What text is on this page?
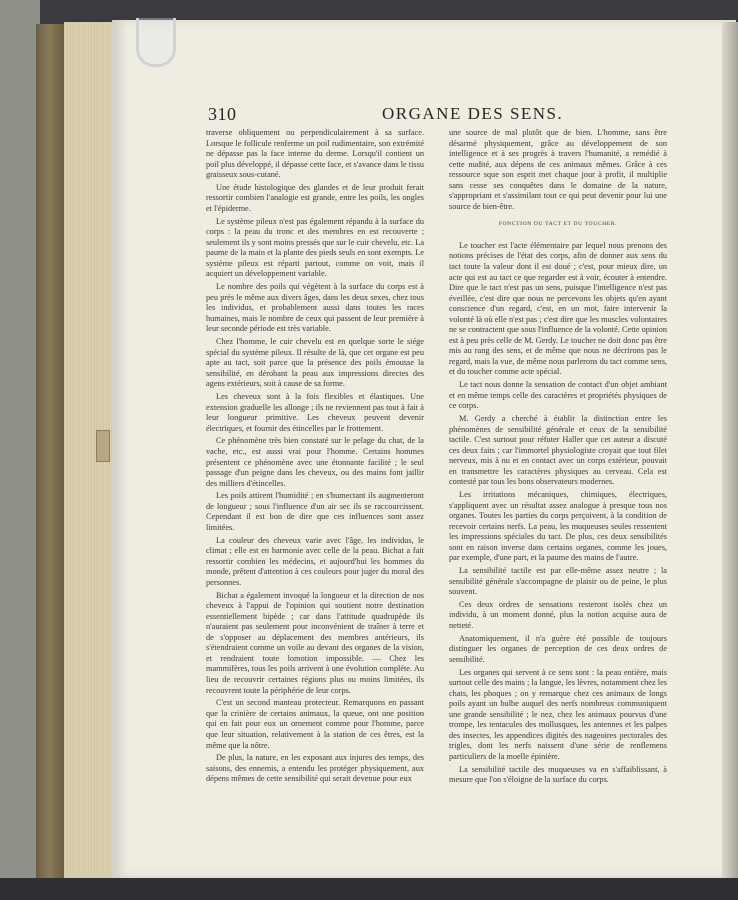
310	ORGANE DES SENS.

traverse obliquement ou perpendiculairement à sa surface. Lorsque le follicule renferme un poil rudimentaire, son extrémité ne dépasse pas la face interne du derme. Lorsqu'il contient un poil plus développé, il dépasse cette face, et s'avance dans le tissu graisseux sous-cutané.

Une étude histologique des glandes et de leur produit ferait ressortir combien l'analogie est grande, entre les poils, les ongles et l'épiderme.

Le système pileux n'est pas également répandu à la surface du corps : la peau du tronc et des membres en est recouverte ; seulement ils y sont moins pressés que sur le cuir chevelu, etc. La paume de la main et la plante des pieds seuls en sont exempts. Le système pileux est réparti partout, comme on voit, mais il acquiert un développement variable.

Le nombre des poils qui végètent à la surface du corps est à peu près le même aux divers âges, dans les deux sexes, chez tous les individus, et probablement aussi dans toutes les races humaines, mais le nombre de ceux qui passent de leur première à leur seconde période est très variable.

Chez l'homme, le cuir chevelu est en quelque sorte le siége spécial du système pileux. Il résulte de là, que cet organe est peu apte au tact, soit parce que la présence des poils émousse la sensibilité, en dérobant la peau aux impressions directes des agens extérieurs, soit à cause de sa forme.

Les cheveux sont à la fois flexibles et élastiques. Une extension graduelle les allonge ; ils ne reviennent pas tout à fait à leur longueur primitive. Les cheveux peuvent devenir électriques, et fournir des étincelles par le frottement.

Ce phénomène très bien constaté sur le pelage du chat, de la vache, etc., est aussi vrai pour l'homme. Certains hommes présentent ce phénomène avec une étonnante facilité ; le seul passage d'un peigne dans les cheveux, ou des mains font jaillir des milliers d'étincelles.

Les poils attirent l'humidité ; en s'humectant ils augmenteront de longueur ; sous l'influence d'un air sec ils se raccourcissent. Cependant il est bon de dire que ces influences sont assez limitées.

La couleur des cheveux varie avec l'âge, les individus, le climat ; elle est en harmonie avec celle de la peau. Bichat a fait ressortir combien les médecins, et aujourd'hui les hommes du monde, prêtent d'attention à ces couleurs pour juger du moral des personnes.

Bichat a également invoqué la longueur et la direction de nos cheveux à l'appui de l'opinion qui soutient notre destination essentiellement bipède ; car dans l'attitude quadrupède ils n'auraient pas seulement pour inconvénient de traîner à terre et de s'opposer au déplacement des membres antérieurs, ils s'étendraient comme un voile au devant des organes de la vision, et rendraient toute lomotion impossible. — Chez les mammifères, tous les poils arrivent à une évolution complète. Au lieu de recouvrir certaines régions plus ou moins limitées, ils recouvrent toute la périphérie de leur corps.

C'est un second manteau protecteur. Remarquons en passant que la crinière de certains animaux, la queue, ont une position qui en fait pour eux un ornement comme pour l'homme, parce que leur situation, relativement à la station de ces êtres, est la même que la nôtre.

De plus, la nature, en les exposant aux injures des temps, des saisons, des ennemis, a entendu les protéger physiquement, aux dépens mêmes de cette sensibilité qui serait devenue pour eux

une source de mal plutôt que de bien. L'homme, sans être désarmé physiquement, grâce au développement de son intelligence et à ses progrès à travers l'humanité, a remédié à cette nudité, aux dépens de ces animaux mêmes. Grâce à ces ressource sque son esprit met chaque jour à profit, il multiplie sans cesse ses conquêtes dans le domaine de la nature, s'appropriant et s'assimilant tout ce qui peut devenir pour lui une source de bien-être.

FONCTION DU TACT ET DU TOUCHER.

Le toucher est l'acte élémentaire par lequel nous prenons des notions précises de l'état des corps, afin de donner aux sens du tact toute la valeur dont il est doué ; c'est, pour mieux dire, un acte qui est au tact ce que regarder est à voir, écouter à entendre. Dire que le tact n'est pas un sens, puisque l'intelligence n'est pas éveillée, c'est dire que nous ne percevons les objets qu'en ayant conscience d'un regard, c'est, en un mot, faire intervenir la volonté là où elle n'est pas ; c'est dire que les muscles volontaires ne se contractent que sous l'influence de la volonté. Cette opinion est à peu près celle de M. Gerdy. Le toucher ne doit donc pas être mis au rang des sens, et de même que nous ne décrirons pas le regard, mais la vue, de même nous parlerons du tact comme sens, et du toucher comme acte spécial.

Le tact nous donne la sensation de contact d'un objet ambiant et en même temps celle des caractères et propriétés physiques de ce corps.

M. Gerdy a cherché à établir la distinction entre les phénomènes de sensibilité générale et ceux de la sensibilité tactile. C'est surtout pour réfuter Haller que cet auteur a discuté ces deux faits ; car l'immortel physiologiste croyait que tout filet nerveux, mis à nu et en contact avec un corps extérieur, pouvait en transmettre les caractères physiques au cerveau. Cela est contesté par tous les bons observateurs modernes.

Les irritations mécaniques, chimiques, électriques, s'appliquent avec un résultat assez analogue à presque tous nos organes. Toutes les parties du corps perçoivent, à la condition de recevoir certains nerfs. La peau, les muqueuses seules ressentent les impressions spéciales du tact. De plus, ces deux sensibilités sont en raison inverse dans certains organes, comme les joues, par exemple, d'une part, et la paume des mains de l'autre.

La sensibilité tactile est par elle-même assez neutre ; la sensibilité générale s'accompagne de plaisir ou de peine, le plus souvent.

Ces deux ordres de sensations resteront isolés chez un individu, à un moment donné, plus la notion acquise aura de netteté.

Anatomiquement, il n'a guère été possible de toujours distinguer les organes de perception de ces deux ordres de sensibilité.

Les organes qui servent à ce sens sont : la peau entière, mais surtout celle des mains ; la langue, les lèvres, notamment chez les chats, les phoques ; on y remarque chez ces animaux de longs poils ayant un bulbe auquel des nerfs nombreux communiquent une grande sensibilité ; le nez, chez les animaux pourvus d'une trompe, les tentacules des mollusques, les antennes et les palpes des insectes, les appendices digités des nageoires pectorales des trigles, dont les nerfs naissent d'une série de renflemens particuliers de la moelle épinière.

La sensibilité tactile des muqueuses va en s'affaiblissant, à mesure que l'on s'éloigne de la surface du corps.
